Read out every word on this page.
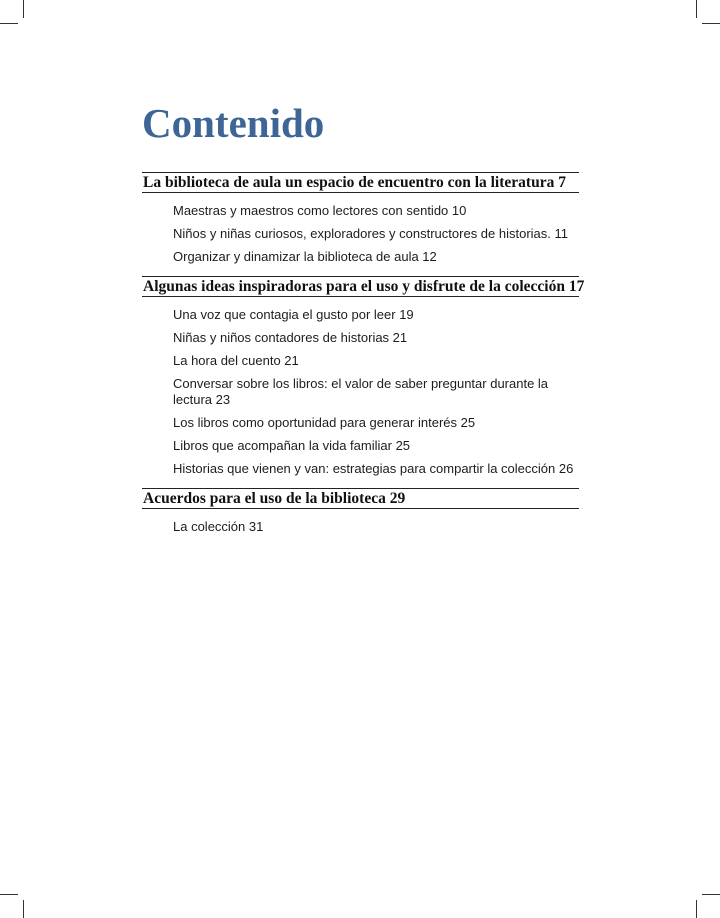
Contenido
La biblioteca de aula un espacio de encuentro con la literatura 7
Maestras y maestros como lectores con sentido 10
Niños y niñas curiosos, exploradores y constructores de historias. 11
Organizar y dinamizar la biblioteca de aula 12
Algunas ideas inspiradoras para el uso y disfrute de la colección 17
Una voz que contagia el gusto por leer 19
Niñas y niños contadores de historias 21
La hora del cuento 21
Conversar sobre los libros: el valor de saber preguntar durante la lectura 23
Los libros como oportunidad para generar interés 25
Libros que acompañan la vida familiar 25
Historias que vienen y van: estrategias para compartir la colección 26
Acuerdos para el uso de la biblioteca 29
La colección 31
